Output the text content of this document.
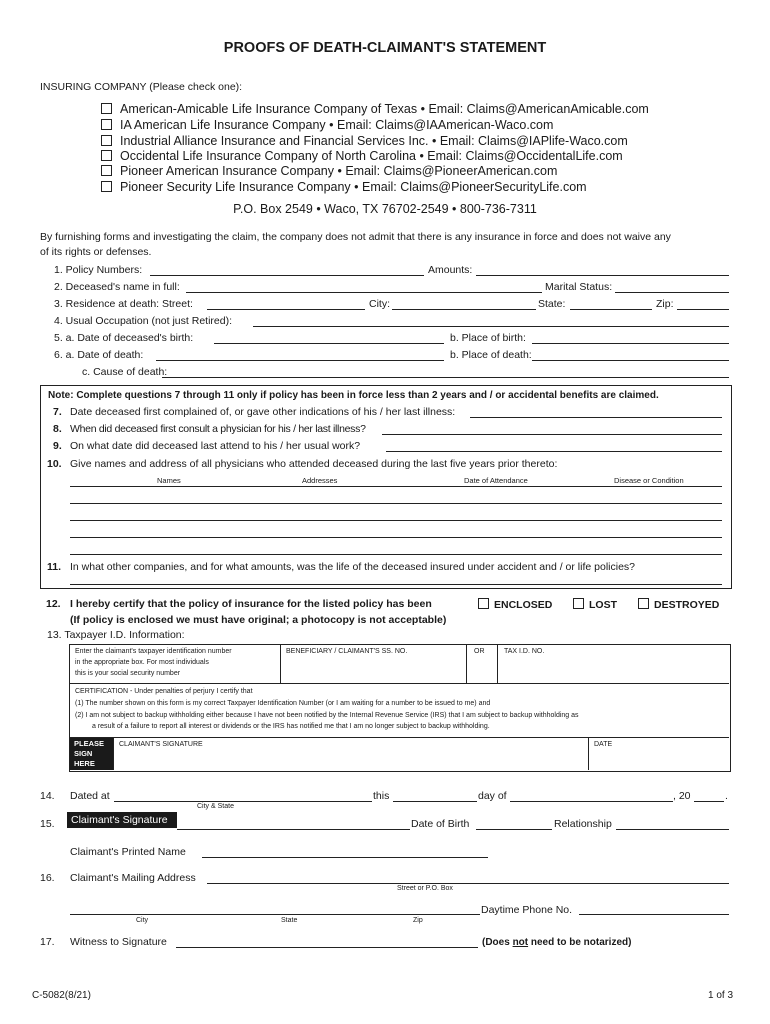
PROOFS OF DEATH-CLAIMANT'S STATEMENT
INSURING COMPANY (Please check one):
American-Amicable Life Insurance Company of Texas • Email: Claims@AmericanAmicable.com
IA American Life Insurance Company • Email: Claims@IAAmerican-Waco.com
Industrial Alliance Insurance and Financial Services Inc. • Email: Claims@IAPlife-Waco.com
Occidental Life Insurance Company of North Carolina • Email: Claims@OccidentalLife.com
Pioneer American Insurance Company • Email: Claims@PioneerAmerican.com
Pioneer Security Life Insurance Company • Email: Claims@PioneerSecurityLife.com
P.O. Box 2549 • Waco, TX 76702-2549 • 800-736-7311
By furnishing forms and investigating the claim, the company does not admit that there is any insurance in force and does not waive any
of its rights or defenses.
1. Policy Numbers:	Amounts:
2. Deceased's name in full:	Marital Status:
3. Residence at death: Street:	City:	State:	Zip:
4. Usual Occupation (not just Retired):
5. a. Date of deceased's birth:	b. Place of birth:
6. a. Date of death:	b. Place of death:
c. Cause of death:
Note: Complete questions 7 through 11 only if policy has been in force less than 2 years and / or accidental benefits are claimed.
7. Date deceased first complained of, or gave other indications of his / her last illness:
8. When did deceased first consult a physician for his / her last illness?
9. On what date did deceased last attend to his / her usual work?
10. Give names and address of all physicians who attended deceased during the last five years prior thereto:
Names	Addresses	Date of Attendance	Disease or Condition
11. In what other companies, and for what amounts, was the life of the deceased insured under accident and / or life policies?
12. I hereby certify that the policy of insurance for the listed policy has been	ENCLOSED	LOST	DESTROYED
(If policy is enclosed we must have original; a photocopy is not acceptable)
13. Taxpayer I.D. Information:
Enter the claimant's taxpayer identification number
in the appropriate box. For most individuals
this is your social security number
BENEFICIARY / CLAIMANT'S SS. NO.	OR	TAX I.D. NO.
CERTIFICATION - Under penalties of perjury I certify that
(1) The number shown on this form is my correct Taxpayer Identification Number (or I am waiting for a number to be issued to me) and
(2) I am not subject to backup withholding either because I have not been notified by the Internal Revenue Service (IRS) that I am subject to backup withholding as
a result of a failure to report all interest or dividends or the IRS has notified me that I am no longer subject to backup withholding.
PLEASE
SIGN
HERE
CLAIMANT'S SIGNATURE	DATE
14. Dated at	this	day of	, 20	.
City & State
15. Claimant's Signature	Date of Birth	Relationship
Claimant's Printed Name
16. Claimant's Mailing Address
Street or P.O. Box
Daytime Phone No.
City	State	Zip
17. Witness to Signature	(Does not need to be notarized)
C-5082(8/21)	1 of 3
